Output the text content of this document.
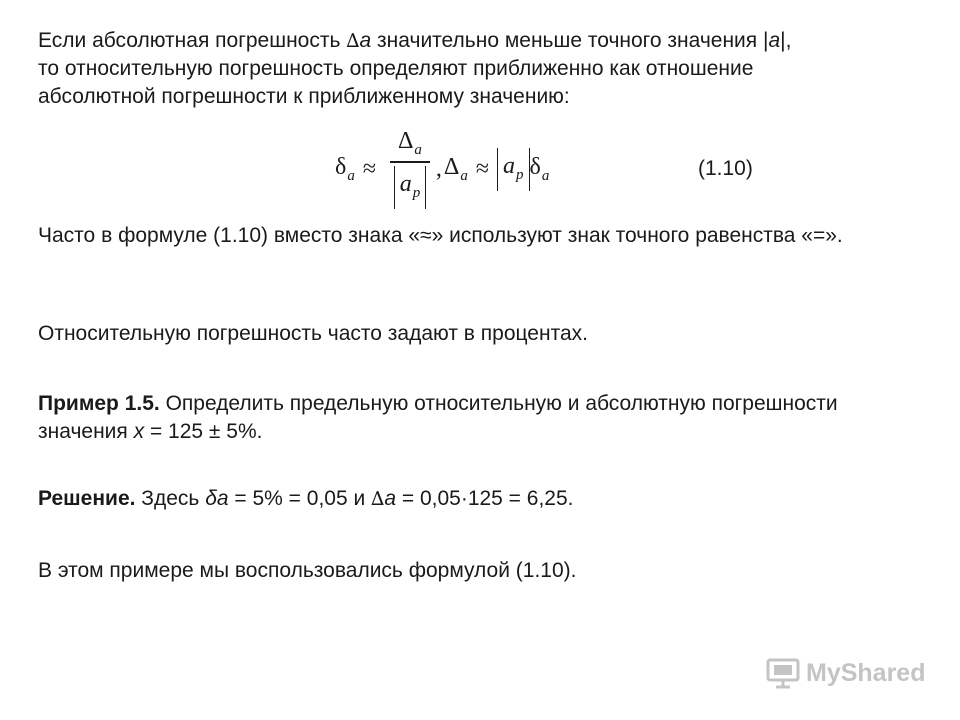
Если абсолютная погрешность ∆a значительно меньше точного значения |a|,
то относительную погрешность определяют приближенно как отношение
абсолютной погрешности к приближенному значению:

$\delta_a \approx \frac{\Delta_a}{a_p}$ , $\Delta_a \approx a_p$ $\delta_a$	(1.10)

Часто в формуле (1.10) вместо знака «≈» используют знак точного равенства «=».

Относительную погрешность часто задают в процентах.

Пример 1.5. Определить предельную относительную и абсолютную погрешности значения x = 125 ± 5%.

Решение. Здесь δa = 5% = 0,05 и ∆a = 0,05·125 = 6,25.

В этом примере мы воспользовались формулой (1.10).

MyShared
